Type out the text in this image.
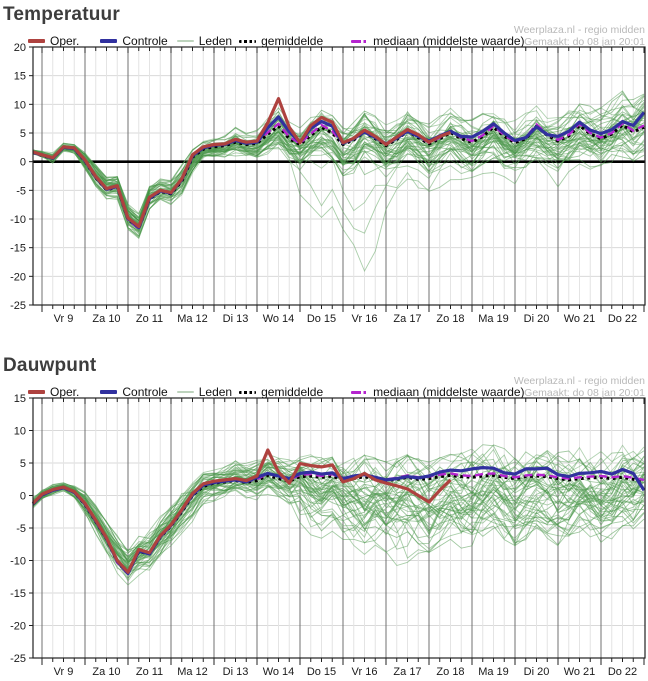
20
15
10
5
0
-5
-10
-15
-20
-25
Vr 9 Za 10 Zo 11 Ma 12 Di 13 Wo 14 Do 15 Vr 16 Za 17 Zo 18 Ma 19 Di 20 Wo 21 Do 22
15
10
5
0
-5
-10
-15
-20
-25
Vr 9 Za 10 Zo 11 Ma 12 Di 13 Wo 14 Do 15 Vr 16 Za 17 Zo 18 Ma 19 Di 20 Wo 21 Do 22
Temperatuur
Weerplaza.nl - regio midden
Gemaakt: do 08 jan 20:01
Oper.	Controle	Leden gemiddelde	mediaan (middelste waarde)
Dauwpunt
Weerplaza.nl - regio midden
Gemaakt: do 08 jan 20:01
Oper.	Controle	Leden gemiddelde	mediaan (middelste waarde)
